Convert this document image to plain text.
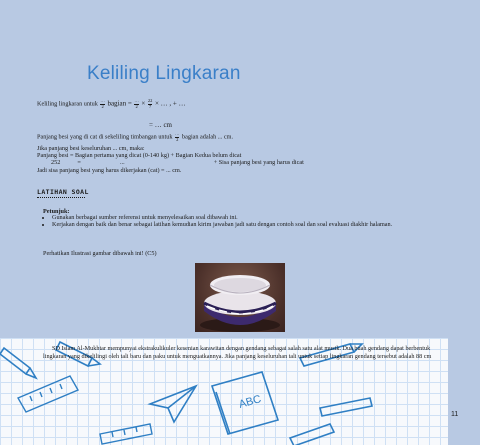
Keliling Lingkaran
Keliling lingkaran untuk $\frac{\dots}{2}$ bagian = $\frac{\dots}{2} \times \frac{22}{7}$ × … , + …
= … cm
Panjang besi yang di cat di sekeliling timbangan untuk $\frac{\dots}{2}$ bagian adalah ... cm.
Jika panjang besi keseluruhan ... cm, maka:
Panjang besi = Bagian pertama yang dicat (0-140 kg) + Bagian Kedua belum dicat
252	=	...	+ Sisa panjang besi yang harus dicat
Jadi sisa panjang besi yang harus dikerjakan (cat) = ... cm.
LATIHAN SOAL
Petunjuk:
• Gunakan berbagai sumber referensi untuk menyelesaikan soal dibawah ini.
• Kerjakan dengan baik dan benar sebagai latihan kemudian kirim jawaban jadi satu dengan contoh soal dan soal evaluasi diakhir halaman.
Perhatikan Ilustrasi gambar dibawah ini! (C5)
ABC
SD Islam Al-Mukhtar mempunyai ekstrakulikuler kesenian karawitan dengan gendang sebagai salah satu alat musik. Dua buah gendang dapat berbentuk lingkaran yang dikelilingi oleh tali baru dan paku untuk menguatkannya. Jika panjang keseluruhan tali untuk setiap lingkaran gendang tersebut adalah 88 cm
11
